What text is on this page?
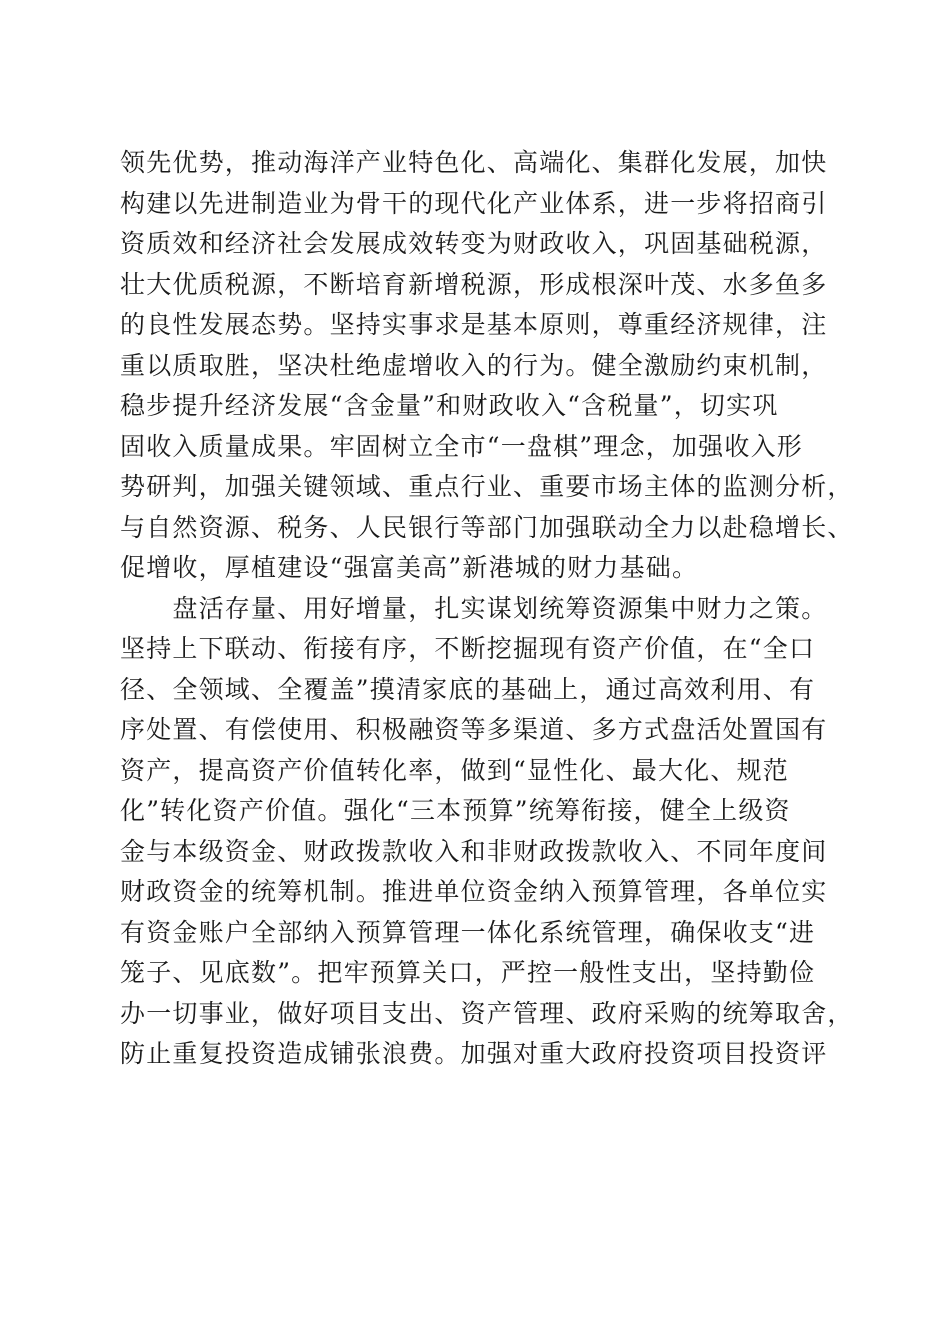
领先优势，推动海洋产业特色化、高端化、集群化发展，加快
构建以先进制造业为骨干的现代化产业体系，进一步将招商引
资质效和经济社会发展成效转变为财政收入，巩固基础税源，
壮大优质税源，不断培育新增税源，形成根深叶茂、水多鱼多
的良性发展态势。坚持实事求是基本原则，尊重经济规律，注
重以质取胜，坚决杜绝虚增收入的行为。健全激励约束机制，
稳步提升经济发展“含金量”和财政收入“含税量”，切实巩
固收入质量成果。牢固树立全市“一盘棋”理念，加强收入形
势研判，加强关键领域、重点行业、重要市场主体的监测分析，
与自然资源、税务、人民银行等部门加强联动全力以赴稳增长、
促增收，厚植建设“强富美高”新港城的财力基础。
　　盘活存量、用好增量，扎实谋划统筹资源集中财力之策。
坚持上下联动、衔接有序，不断挖掘现有资产价值，在“全口
径、全领域、全覆盖”摸清家底的基础上，通过高效利用、有
序处置、有偿使用、积极融资等多渠道、多方式盘活处置国有
资产，提高资产价值转化率，做到“显性化、最大化、规范
化”转化资产价值。强化“三本预算”统筹衔接，健全上级资
金与本级资金、财政拨款收入和非财政拨款收入、不同年度间
财政资金的统筹机制。推进单位资金纳入预算管理，各单位实
有资金账户全部纳入预算管理一体化系统管理，确保收支“进
笼子、见底数”。把牢预算关口，严控一般性支出，坚持勤俭
办一切事业，做好项目支出、资产管理、政府采购的统筹取舍，
防止重复投资造成铺张浪费。加强对重大政府投资项目投资评
